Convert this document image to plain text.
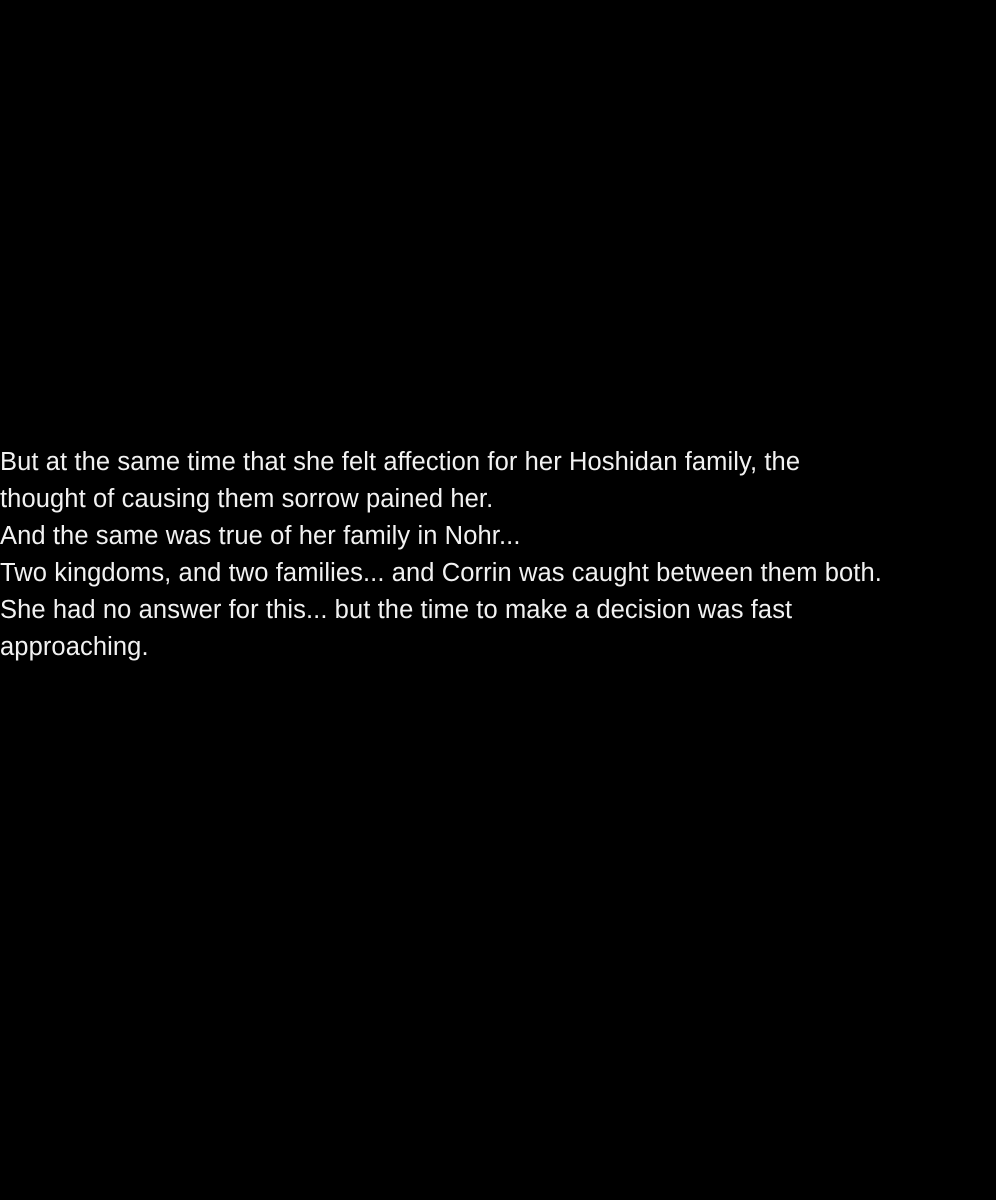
But at the same time that she felt affection for her Hoshidan family, the
thought of causing them sorrow pained her.
And the same was true of her family in Nohr...
Two kingdoms, and two families... and Corrin was caught between them both.
She had no answer for this... but the time to make a decision was fast
approaching.
